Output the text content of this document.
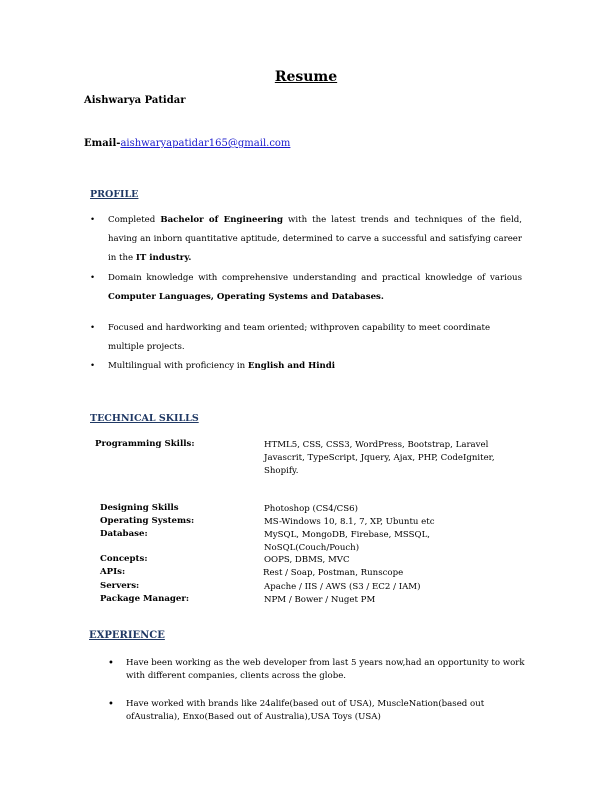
Resume
Aishwarya Patidar
Email-aishwaryapatidar165@gmail.com
PROFILE
• Completed Bachelor of Engineering with the latest trends and techniques of the field, having an inborn quantitative aptitude, determined to carve a successful and satisfying career in the IT industry.
• Domain knowledge with comprehensive understanding and practical knowledge of various Computer Languages, Operating Systems and Databases.
• Focused and hardworking and team oriented; withproven capability to meet coordinate multiple projects.
• Multilingual with proficiency in English and Hindi
TECHNICAL SKILLS
Programming Skills:	HTML5, CSS, CSS3, WordPress, Bootstrap, Laravel Javascrit, TypeScript, Jquery, Ajax, PHP, CodeIgniter, Shopify.
Designing Skills	Photoshop (CS4/CS6)
Operating Systems:	MS-Windows 10, 8.1, 7, XP, Ubuntu etc
Database:	MySQL, MongoDB, Firebase, MSSQL, NoSQL(Couch/Pouch)
Concepts:	OOPS, DBMS, MVC
APIs:	Rest / Soap, Postman, Runscope
Servers:	Apache / IIS / AWS (S3 / EC2 / IAM)
Package Manager:	NPM / Bower / Nuget PM
EXPERIENCE
• Have been working as the web developer from last 5 years now,had an opportunity to work with different companies, clients across the globe.
• Have worked with brands like 24alife(based out of USA), MuscleNation(based out ofAustralia), Enxo(Based out of Australia),USA Toys (USA)
